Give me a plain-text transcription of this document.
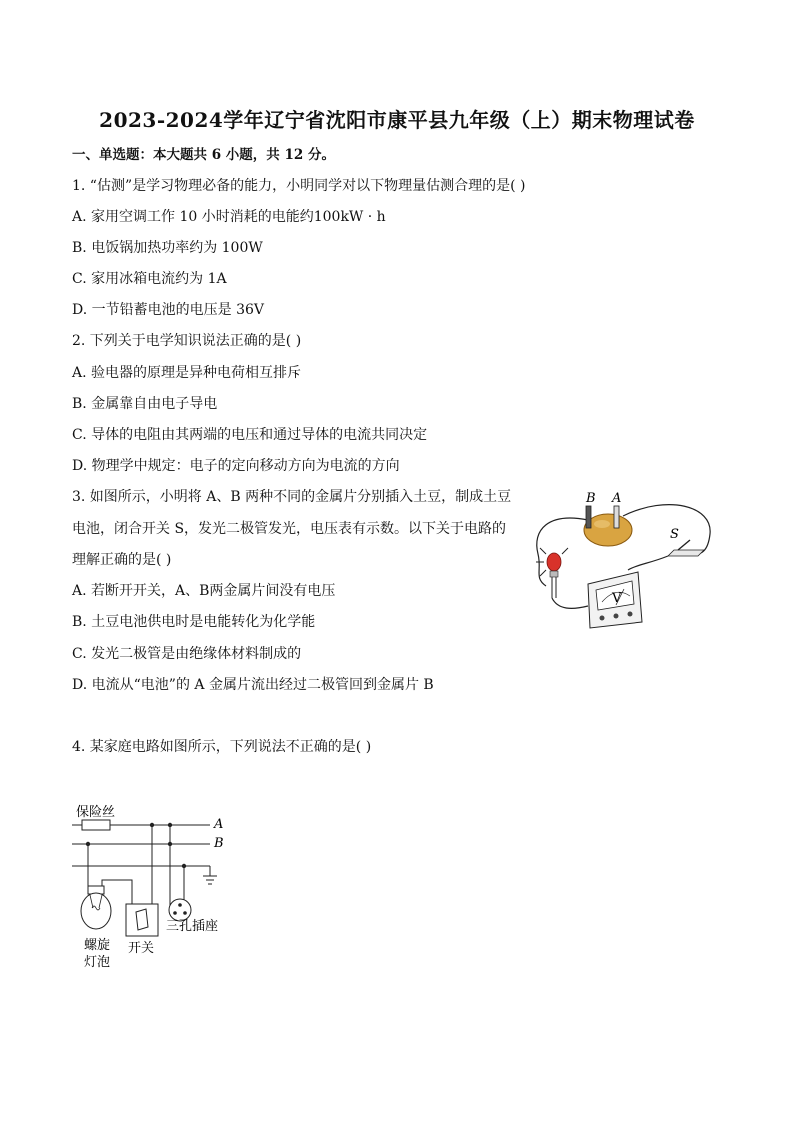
2023-2024学年辽宁省沈阳市康平县九年级（上）期末物理试卷
一、单选题：本大题共 6 小题，共 12 分。
1. “估测”是学习物理必备的能力，小明同学对以下物理量估测合理的是( )
A. 家用空调工作 10 小时消耗的电能约100kW · h
B. 电饭锅加热功率约为 100W
C. 家用冰箱电流约为 1A
D. 一节铅蓄电池的电压是 36V
2. 下列关于电学知识说法正确的是( )
A. 验电器的原理是异种电荷相互排斥
B. 金属靠自由电子导电
C. 导体的电阻由其两端的电压和通过导体的电流共同决定
D. 物理学中规定：电子的定向移动方向为电流的方向
3. 如图所示，小明将 A、B 两种不同的金属片分别插入土豆，制成土豆
电池，闭合开关 S，发光二极管发光，电压表有示数。以下关于电路的
理解正确的是( )
A. 若断开开关，A、B两金属片间没有电压
B. 土豆电池供电时是电能转化为化学能
C. 发光二极管是由绝缘体材料制成的
D. 电流从“电池”的 A 金属片流出经过二极管回到金属片 B
B A
S
V
4. 某家庭电路如图所示，下列说法不正确的是( )
保险丝
A
B
螺旋
灯泡
开关
三孔插座
